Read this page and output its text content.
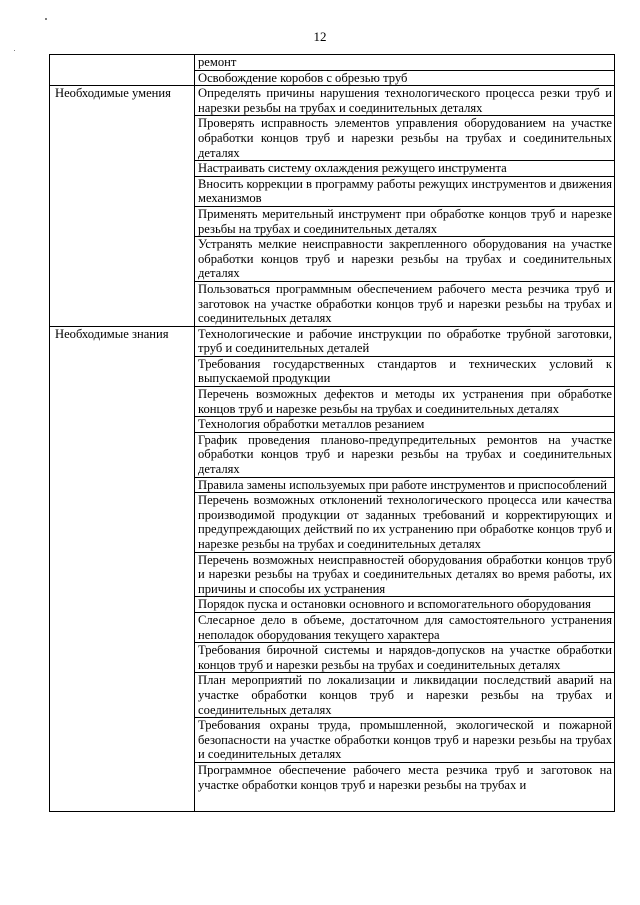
12

	ремонт

	Освобождение коробов с обрезью труб

Необходимые умения	Определять причины нарушения технологического процесса резки труб и нарезки резьбы на трубах и соединительных деталях

	Проверять исправность элементов управления оборудованием на участке обработки концов труб и нарезки резьбы на трубах и соединительных деталях

	Настраивать систему охлаждения режущего инструмента

	Вносить коррекции в программу работы режущих инструментов и движения механизмов

	Применять мерительный инструмент при обработке концов труб и нарезке резьбы на трубах и соединительных деталях

	Устранять мелкие неисправности закрепленного оборудования на участке обработки концов труб и нарезки резьбы на трубах и соединительных деталях

	Пользоваться программным обеспечением рабочего места резчика труб и заготовок на участке обработки концов труб и нарезки резьбы на трубах и соединительных деталях

Необходимые знания	Технологические и рабочие инструкции по обработке трубной заготовки, труб и соединительных деталей

	Требования государственных стандартов и технических условий к выпускаемой продукции

	Перечень возможных дефектов и методы их устранения при обработке концов труб и нарезке резьбы на трубах и соединительных деталях

	Технология обработки металлов резанием

	График проведения планово-предупредительных ремонтов на участке обработки концов труб и нарезки резьбы на трубах и соединительных деталях

	Правила замены используемых при работе инструментов и приспособлений

	Перечень возможных отклонений технологического процесса или качества производимой продукции от заданных требований и корректирующих и предупреждающих действий по их устранению при обработке концов труб и нарезке резьбы на трубах и соединительных деталях

	Перечень возможных неисправностей оборудования обработки концов труб и нарезки резьбы на трубах и соединительных деталях во время работы, их причины и способы их устранения

	Порядок пуска и остановки основного и вспомогательного оборудования

	Слесарное дело в объеме, достаточном для самостоятельного устранения неполадок оборудования текущего характера

	Требования бирочной системы и нарядов-допусков на участке обработки концов труб и нарезки резьбы на трубах и соединительных деталях

	План мероприятий по локализации и ликвидации последствий аварий на участке обработки концов труб и нарезки резьбы на трубах и соединительных деталях

	Требования охраны труда, промышленной, экологической и пожарной безопасности на участке обработки концов труб и нарезки резьбы на трубах и соединительных деталях

	Программное обеспечение рабочего места резчика труб и заготовок на участке обработки концов труб и нарезки резьбы на трубах и
